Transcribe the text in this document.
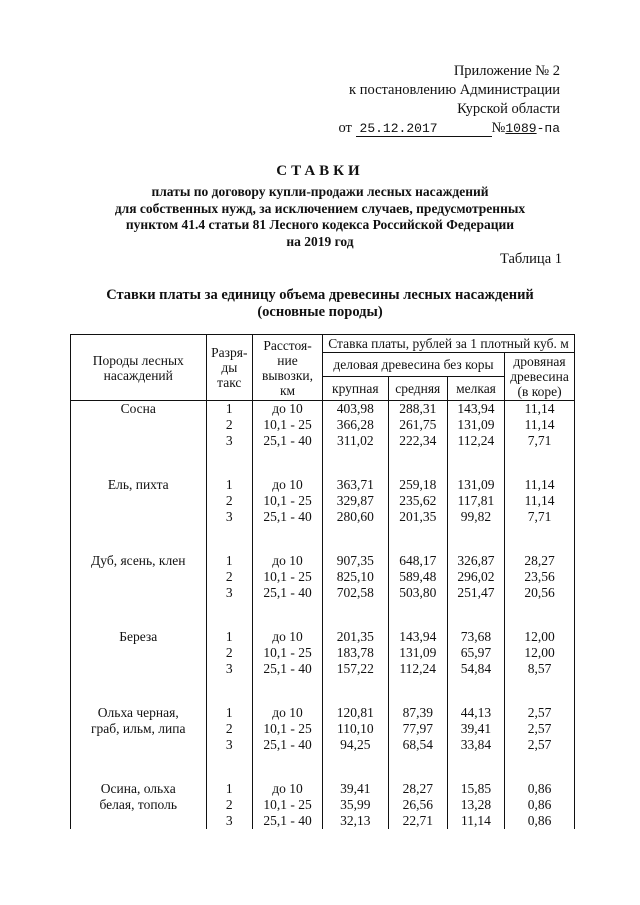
Приложение № 2
к постановлению Администрации
Курской области
от 25.12.2017	№1089-па
СТАВКИ
платы по договору купли-продажи лесных насаждений
для собственных нужд, за исключением случаев, предусмотренных
пунктом 41.4 статьи 81 Лесного кодекса Российской Федерации
на 2019 год
Таблица 1
Ставки платы за единицу объема древесины лесных насаждений
(основные породы)
Породы лесных насаждений	Разря-ды такс	Расстоя-ние вывозки, км	Ставка платы, рублей за 1 плотный куб. м			
			деловая древесина без коры			дровяная древесина (в коре)
			крупная	средняя	мелкая	

Сосна	1	до 10	403,98	288,31	143,94	11,14
	2	10,1 - 25	366,28	261,75	131,09	11,14
	3	25,1 - 40	311,02	222,34	112,24	7,71

Ель, пихта	1	до 10	363,71	259,18	131,09	11,14
	2	10,1 - 25	329,87	235,62	117,81	11,14
	3	25,1 - 40	280,60	201,35	99,82	7,71

Дуб, ясень, клен	1	до 10	907,35	648,17	326,87	28,27
	2	10,1 - 25	825,10	589,48	296,02	23,56
	3	25,1 - 40	702,58	503,80	251,47	20,56

Береза	1	до 10	201,35	143,94	73,68	12,00
	2	10,1 - 25	183,78	131,09	65,97	12,00
	3	25,1 - 40	157,22	112,24	54,84	8,57

Ольха черная,
граб, ильм, липа	1	до 10	120,81	87,39	44,13	2,57
	2	10,1 - 25	110,10	77,97	39,41	2,57
	3	25,1 - 40	94,25	68,54	33,84	2,57

Осина, ольха
белая, тополь	1	до 10	39,41	28,27	15,85	0,86
	2	10,1 - 25	35,99	26,56	13,28	0,86
	3	25,1 - 40	32,13	22,71	11,14	0,86
